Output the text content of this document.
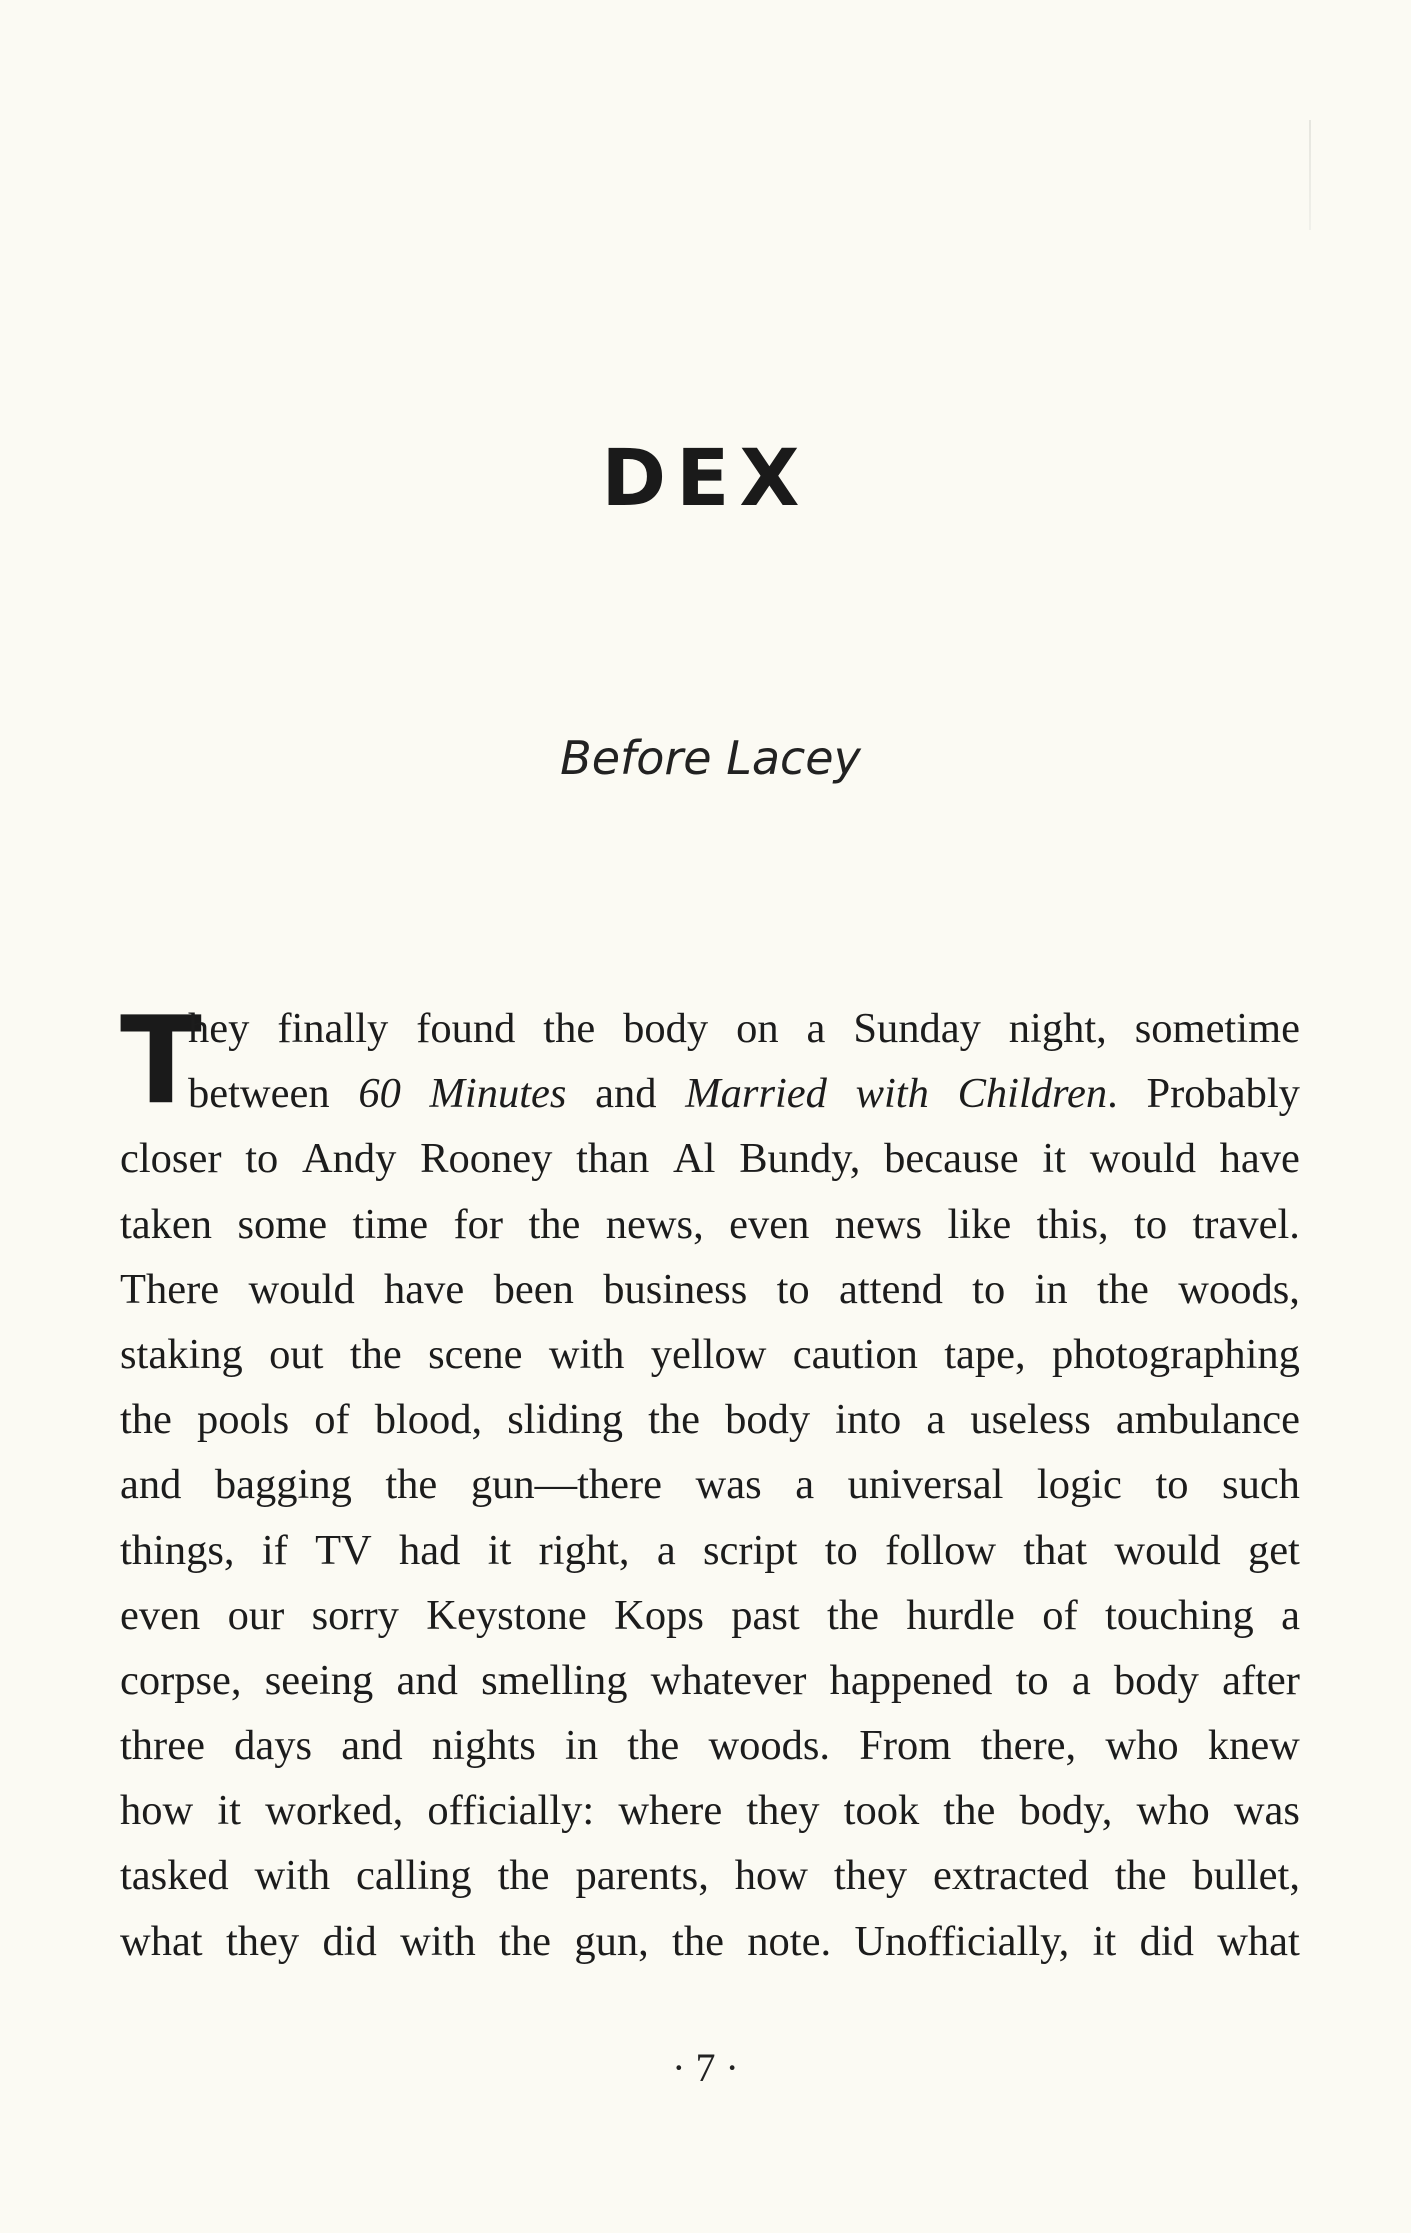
DEX
Before Lacey
T
hey finally found the body on a Sunday night, sometime
between 60 Minutes and Married with Children. Probably
closer to Andy Rooney than Al Bundy, because it would have
taken some time for the news, even news like this, to travel.
There would have been business to attend to in the woods,
staking out the scene with yellow caution tape, photographing
the pools of blood, sliding the body into a useless ambulance
and bagging the gun—there was a universal logic to such
things, if TV had it right, a script to follow that would get
even our sorry Keystone Kops past the hurdle of touching a
corpse, seeing and smelling whatever happened to a body after
three days and nights in the woods. From there, who knew
how it worked, officially: where they took the body, who was
tasked with calling the parents, how they extracted the bullet,
what they did with the gun, the note. Unofficially, it did what
· 7 ·
